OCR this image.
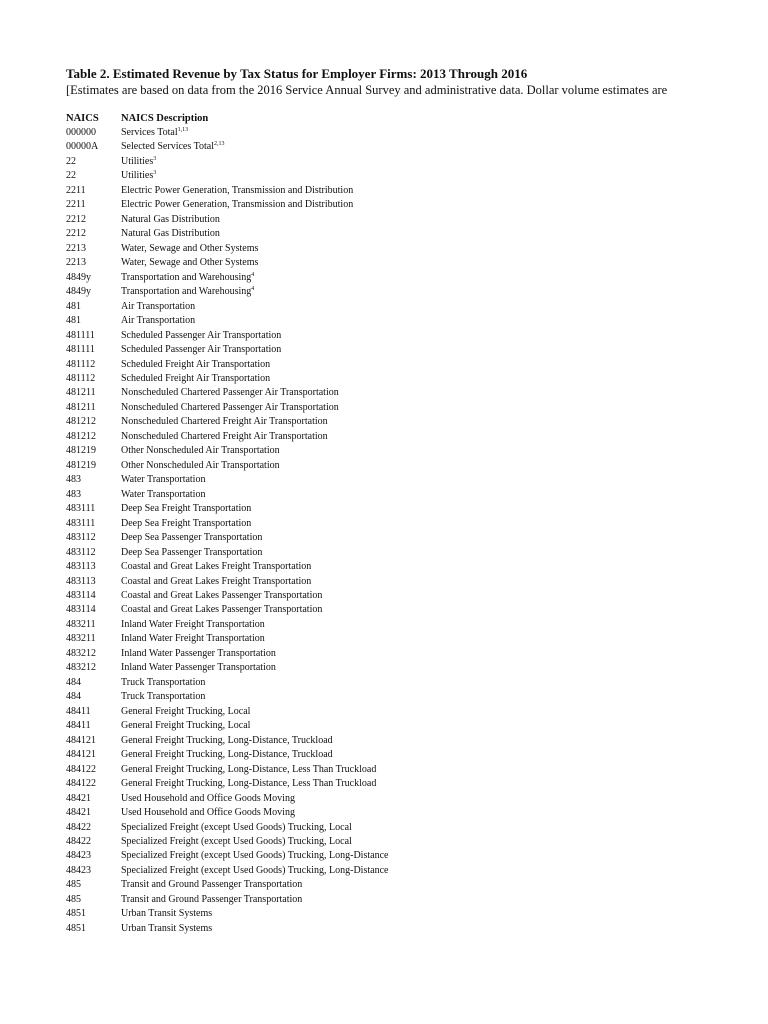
Table 2. Estimated Revenue by Tax Status for Employer Firms: 2013 Through 2016
[Estimates are based on data from the 2016 Service Annual Survey and administrative data. Dollar volume estimates are
NAICS NAICS Description
000000	Services Total$^{1,13}$
00000A Selected Services Total$^{2,13}$
22	Utilities$^3$
22	Utilities$^3$
2211	Electric Power Generation, Transmission and Distribution
2211	Electric Power Generation, Transmission and Distribution
2212	Natural Gas Distribution
2212	Natural Gas Distribution
2213	Water, Sewage and Other Systems
2213	Water, Sewage and Other Systems
4849y	Transportation and Warehousing$^4$
4849y	Transportation and Warehousing$^4$
481	Air Transportation
481	Air Transportation
481111	Scheduled Passenger Air Transportation
481111	Scheduled Passenger Air Transportation
481112	Scheduled Freight Air Transportation
481112	Scheduled Freight Air Transportation
481211	Nonscheduled Chartered Passenger Air Transportation
481211	Nonscheduled Chartered Passenger Air Transportation
481212	Nonscheduled Chartered Freight Air Transportation
481212	Nonscheduled Chartered Freight Air Transportation
481219	Other Nonscheduled Air Transportation
481219	Other Nonscheduled Air Transportation
483	Water Transportation
483	Water Transportation
483111	Deep Sea Freight Transportation
483111	Deep Sea Freight Transportation
483112	Deep Sea Passenger Transportation
483112	Deep Sea Passenger Transportation
483113	Coastal and Great Lakes Freight Transportation
483113	Coastal and Great Lakes Freight Transportation
483114	Coastal and Great Lakes Passenger Transportation
483114	Coastal and Great Lakes Passenger Transportation
483211	Inland Water Freight Transportation
483211	Inland Water Freight Transportation
483212	Inland Water Passenger Transportation
483212	Inland Water Passenger Transportation
484	Truck Transportation
484	Truck Transportation
48411	General Freight Trucking, Local
48411	General Freight Trucking, Local
484121	General Freight Trucking, Long-Distance, Truckload
484121	General Freight Trucking, Long-Distance, Truckload
484122	General Freight Trucking, Long-Distance, Less Than Truckload
484122	General Freight Trucking, Long-Distance, Less Than Truckload
48421	Used Household and Office Goods Moving
48421	Used Household and Office Goods Moving
48422	Specialized Freight (except Used Goods) Trucking, Local
48422	Specialized Freight (except Used Goods) Trucking, Local
48423	Specialized Freight (except Used Goods) Trucking, Long-Distance
48423	Specialized Freight (except Used Goods) Trucking, Long-Distance
485	Transit and Ground Passenger Transportation
485	Transit and Ground Passenger Transportation
4851	Urban Transit Systems
4851	Urban Transit Systems
